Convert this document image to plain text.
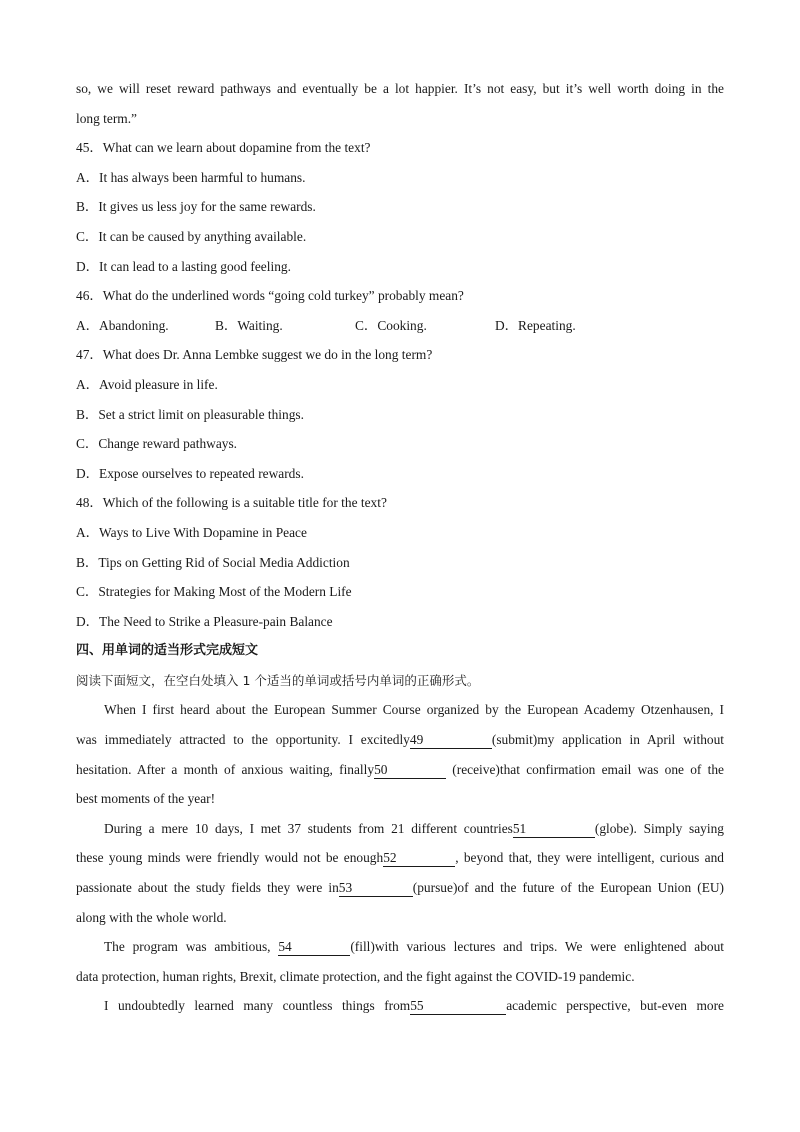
so, we will reset reward pathways and eventually be a lot happier. It’s not easy, but it’s well worth doing in the
long term.”
45．What can we learn about dopamine from the text?
A．It has always been harmful to humans.
B．It gives us less joy for the same rewards.
C．It can be caused by anything available.
D．It can lead to a lasting good feeling.
46．What do the underlined words “going cold turkey” probably mean?
A．Abandoning.	B．Waiting.	C．Cooking.	D．Repeating.
47．What does Dr. Anna Lembke suggest we do in the long term?
A．Avoid pleasure in life.
B．Set a strict limit on pleasurable things.
C．Change reward pathways.
D．Expose ourselves to repeated rewards.
48．Which of the following is a suitable title for the text?
A．Ways to Live With Dopamine in Peace
B．Tips on Getting Rid of Social Media Addiction
C．Strategies for Making Most of the Modern Life
D．The Need to Strike a Pleasure-pain Balance
四、用单词的适当形式完成短文
阅读下面短文，在空白处填入 1 个适当的单词或括号内单词的正确形式。
When I first heard about the European Summer Course organized by the European Academy Otzenhausen, I
was immediately attracted to the opportunity. I excitedly49	(submit)my application in April without
hesitation. After a month of anxious waiting, finally50	(receive)that confirmation email was one of the
best moments of the year!
During a mere 10 days, I met 37 students from 21 different countries51	(globe). Simply saying
these young minds were friendly would not be enough52	, beyond that, they were intelligent, curious and
passionate about the study fields they were in53	(pursue)of and the future of the European Union (EU)
along with the whole world.
The program was ambitious, 54	(fill)with various lectures and trips. We were enlightened about
data protection, human rights, Brexit, climate protection, and the fight against the COVID-19 pandemic.
I undoubtedly learned many countless things from55	academic perspective, but-even more
